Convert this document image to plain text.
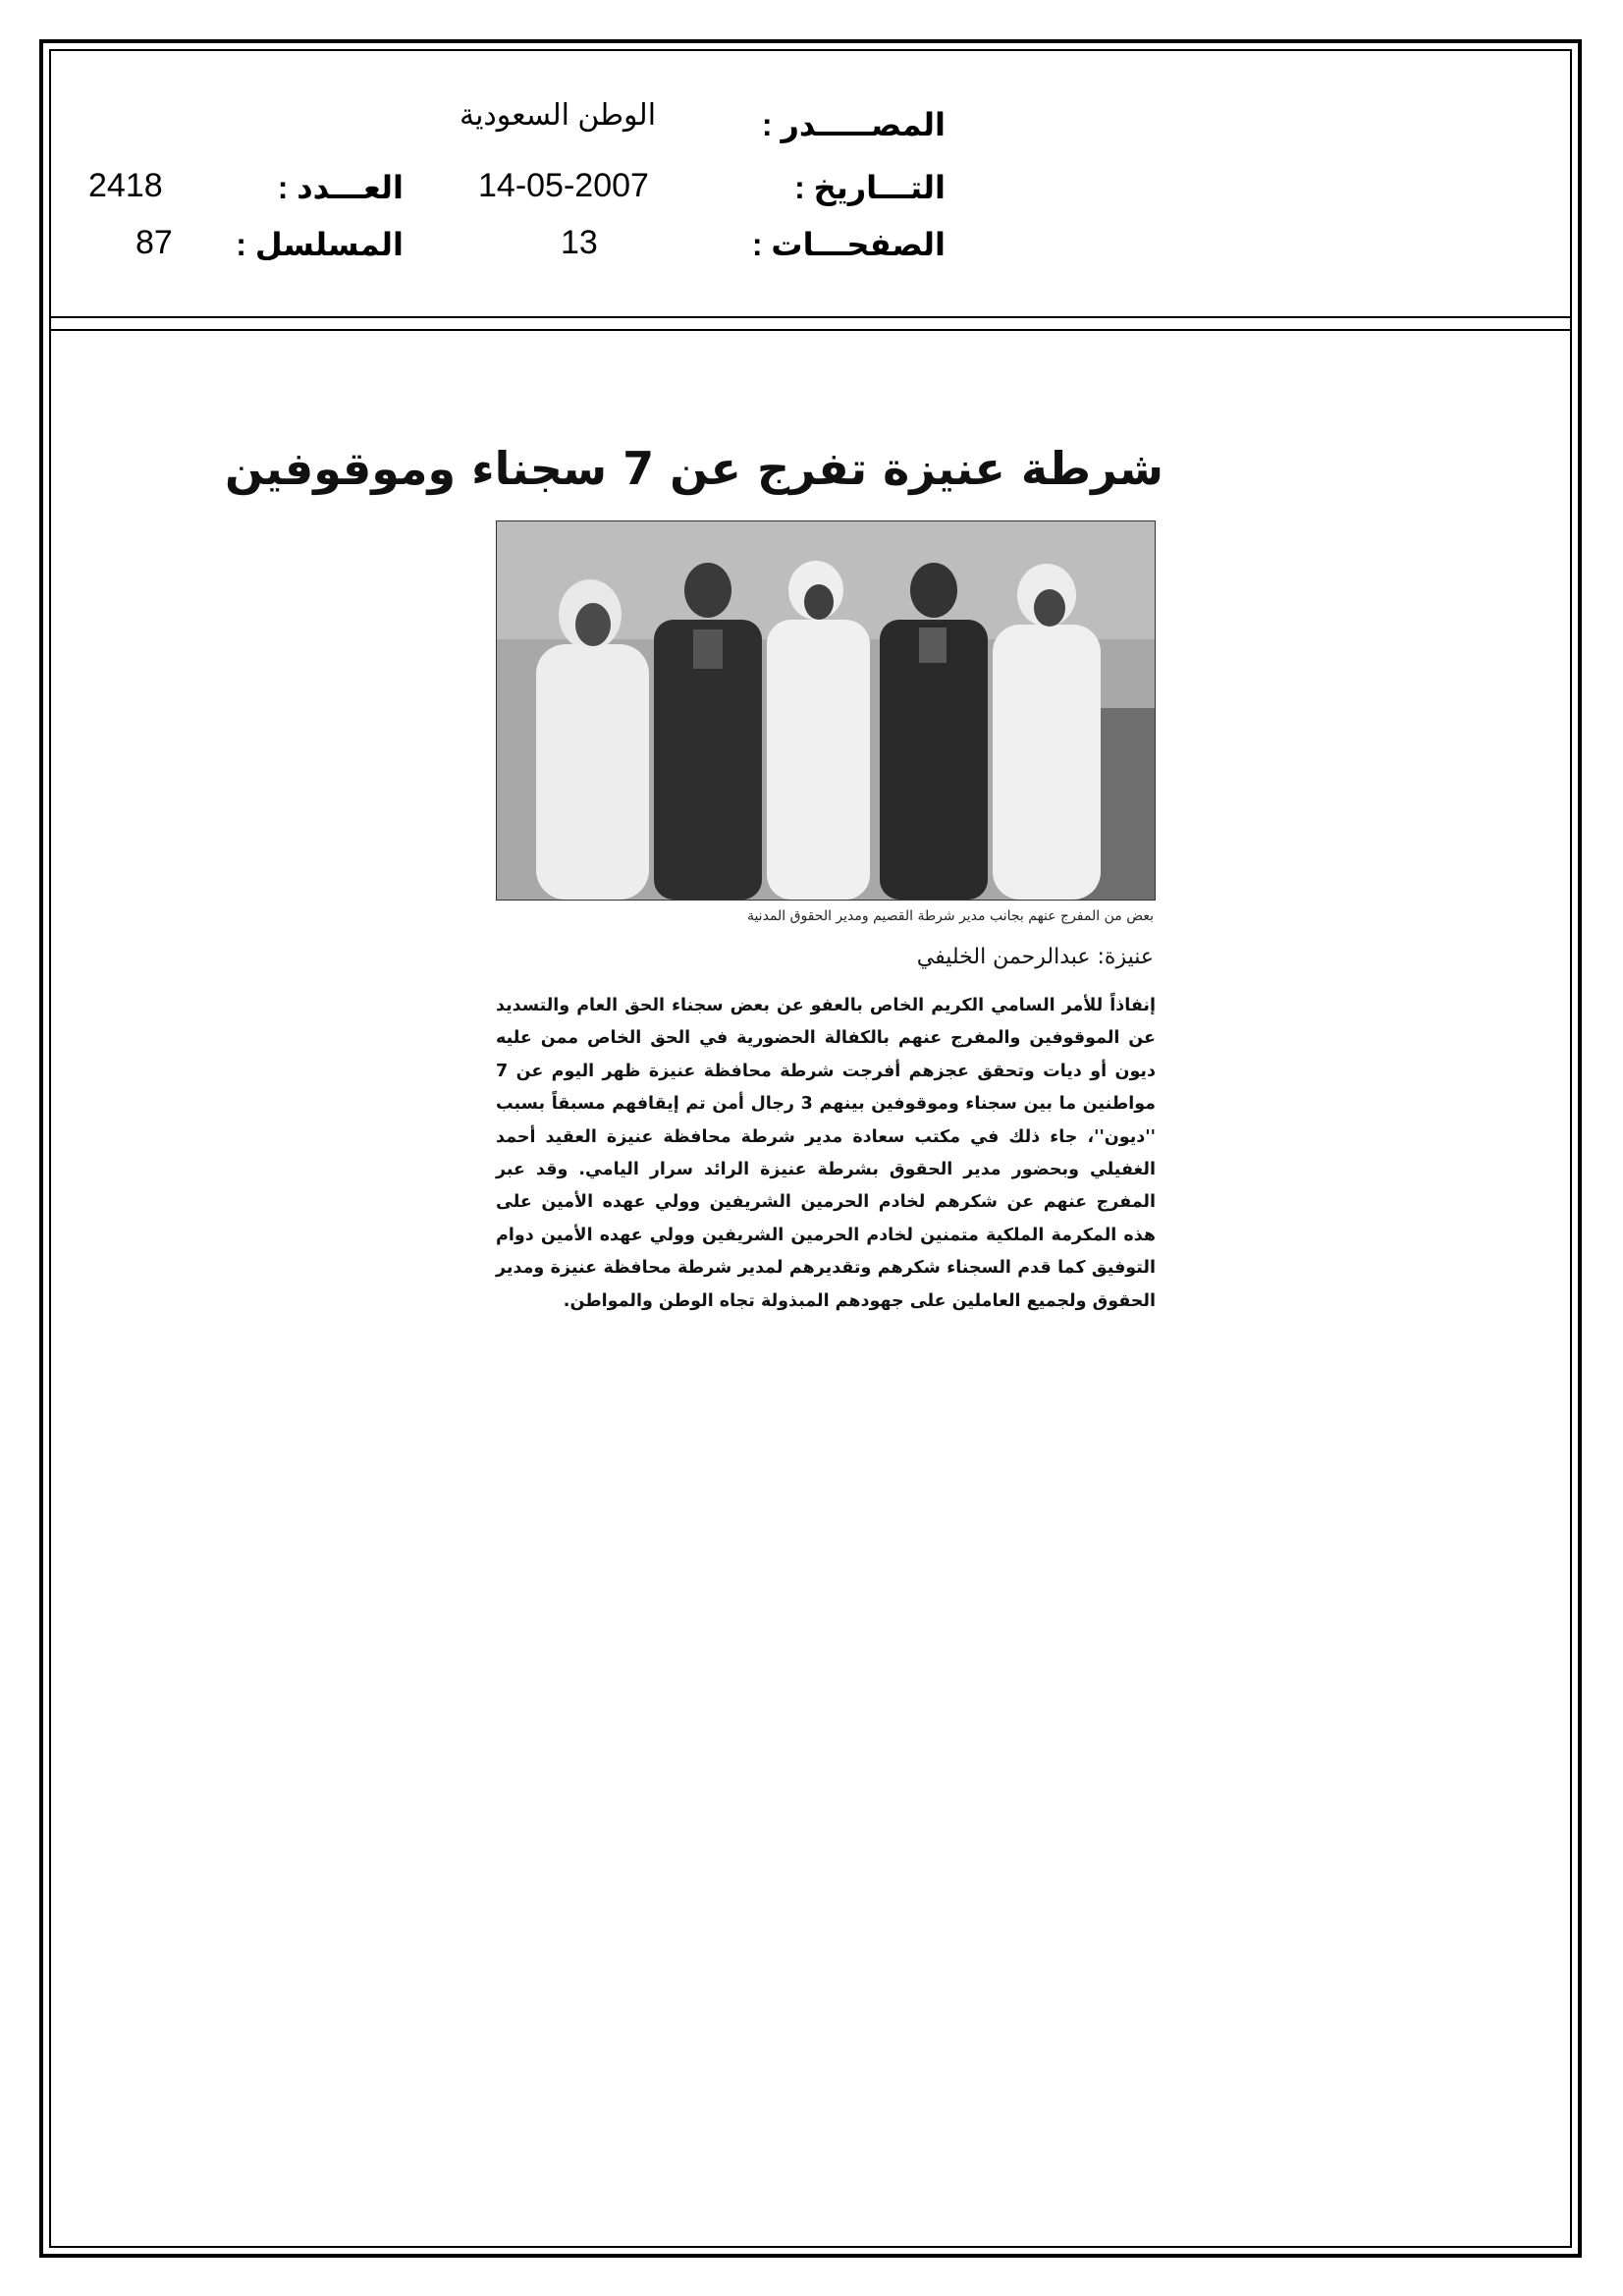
المصـــــدر :
الوطن السعودية
التـــاريخ :
14-05-2007
العـــدد :
2418
الصفحـــات :
13
المسلسل :
87
شرطة عنيزة تفرج عن 7 سجناء وموقوفين
بعض من المفرج عنهم بجانب مدير شرطة القصيم ومدير الحقوق المدنية
عنيزة: عبدالرحمن الخليفي
إنفاذاً للأمر السامي الكريم الخاص بالعفو عن بعض سجناء الحق العام والتسديد عن الموقوفين والمفرج عنهم بالكفالة الحضورية في الحق الخاص ممن عليه ديون أو ديات وتحقق عجزهم أفرجت شرطة محافظة عنيزة ظهر اليوم عن 7 مواطنين ما بين سجناء وموقوفين بينهم 3 رجال أمن تم إيقافهم مسبقاً بسبب ''ديون''، جاء ذلك في مكتب سعادة مدير شرطة محافظة عنيزة العقيد أحمد الغفيلي وبحضور مدير الحقوق بشرطة عنيزة الرائد سرار اليامي. وقد عبر المفرج عنهم عن شكرهم لخادم الحرمين الشريفين وولي عهده الأمين على هذه المكرمة الملكية متمنين لخادم الحرمين الشريفين وولي عهده الأمين دوام التوفيق كما قدم السجناء شكرهم وتقديرهم لمدير شرطة محافظة عنيزة ومدير الحقوق ولجميع العاملين على جهودهم المبذولة تجاه الوطن والمواطن.
